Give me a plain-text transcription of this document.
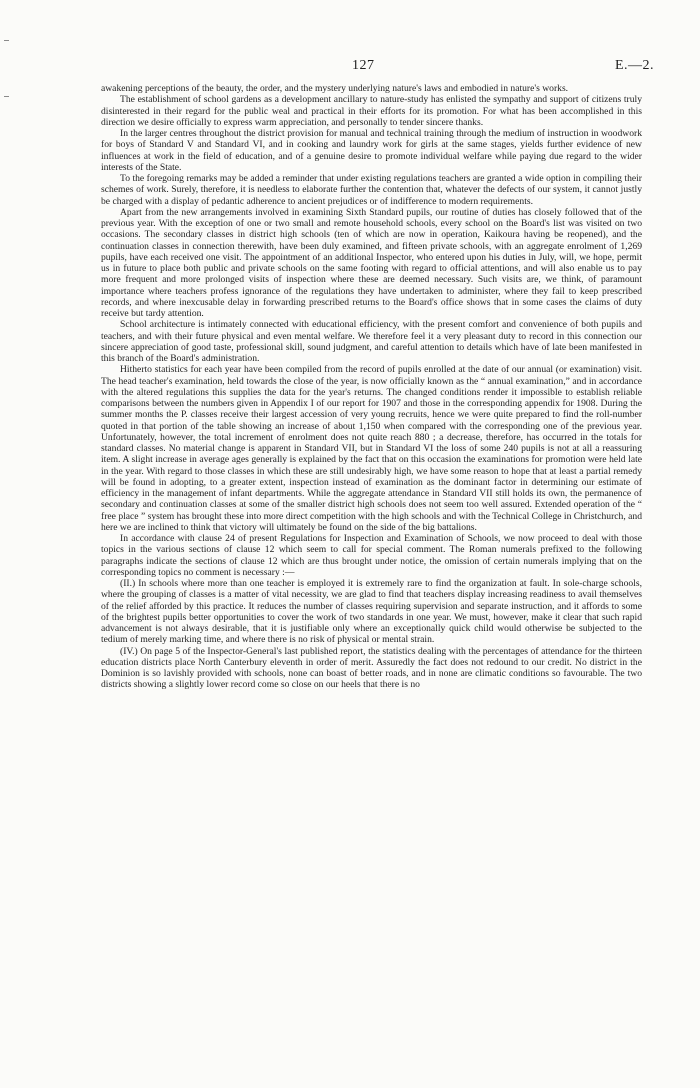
127	E.—2.

awakening perceptions of the beauty, the order, and the mystery underlying nature's laws and embodied in nature's works.

The establishment of school gardens as a development ancillary to nature-study has enlisted the sympathy and support of citizens truly disinterested in their regard for the public weal and practical in their efforts for its promotion. For what has been accomplished in this direction we desire officially to express warm appreciation, and personally to tender sincere thanks.

In the larger centres throughout the district provision for manual and technical training through the medium of instruction in woodwork for boys of Standard V and Standard VI, and in cooking and laundry work for girls at the same stages, yields further evidence of new influences at work in the field of education, and of a genuine desire to promote individual welfare while paying due regard to the wider interests of the State.

To the foregoing remarks may be added a reminder that under existing regulations teachers are granted a wide option in compiling their schemes of work. Surely, therefore, it is needless to elaborate further the contention that, whatever the defects of our system, it cannot justly be charged with a display of pedantic adherence to ancient prejudices or of indifference to modern requirements.

Apart from the new arrangements involved in examining Sixth Standard pupils, our routine of duties has closely followed that of the previous year. With the exception of one or two small and remote household schools, every school on the Board's list was visited on two occasions. The secondary classes in district high schools (ten of which are now in operation, Kaikoura having be reopened), and the continuation classes in connection therewith, have been duly examined, and fifteen private schools, with an aggregate enrolment of 1,269 pupils, have each received one visit. The appointment of an additional Inspector, who entered upon his duties in July, will, we hope, permit us in future to place both public and private schools on the same footing with regard to official attentions, and will also enable us to pay more frequent and more prolonged visits of inspection where these are deemed necessary. Such visits are, we think, of paramount importance where teachers profess ignorance of the regulations they have undertaken to administer, where they fail to keep prescribed records, and where inexcusable delay in forwarding prescribed returns to the Board's office shows that in some cases the claims of duty receive but tardy attention.

School architecture is intimately connected with educational efficiency, with the present comfort and convenience of both pupils and teachers, and with their future physical and even mental welfare. We therefore feel it a very pleasant duty to record in this connection our sincere appreciation of good taste, professional skill, sound judgment, and careful attention to details which have of late been manifested in this branch of the Board's administration.

Hitherto statistics for each year have been compiled from the record of pupils enrolled at the date of our annual (or examination) visit. The head teacher's examination, held towards the close of the year, is now officially known as the “ annual examination,” and in accordance with the altered regulations this supplies the data for the year's returns. The changed conditions render it impossible to establish reliable comparisons between the numbers given in Appendix I of our report for 1907 and those in the corresponding appendix for 1908. During the summer months the P. classes receive their largest accession of very young recruits, hence we were quite prepared to find the roll-number quoted in that portion of the table showing an increase of about 1,150 when compared with the corresponding one of the previous year. Unfortunately, however, the total increment of enrolment does not quite reach 880 ; a decrease, therefore, has occurred in the totals for standard classes. No material change is apparent in Standard VII, but in Standard VI the loss of some 240 pupils is not at all a reassuring item. A slight increase in average ages generally is explained by the fact that on this occasion the examinations for promotion were held late in the year. With regard to those classes in which these are still undesirably high, we have some reason to hope that at least a partial remedy will be found in adopting, to a greater extent, inspection instead of examination as the dominant factor in determining our estimate of efficiency in the management of infant departments. While the aggregate attendance in Standard VII still holds its own, the permanence of secondary and continuation classes at some of the smaller district high schools does not seem too well assured. Extended operation of the “ free place ” system has brought these into more direct competition with the high schools and with the Technical College in Christchurch, and here we are inclined to think that victory will ultimately be found on the side of the big battalions.

In accordance with clause 24 of present Regulations for Inspection and Examination of Schools, we now proceed to deal with those topics in the various sections of clause 12 which seem to call for special comment. The Roman numerals prefixed to the following paragraphs indicate the sections of clause 12 which are thus brought under notice, the omission of certain numerals implying that on the corresponding topics no comment is necessary :—

(II.) In schools where more than one teacher is employed it is extremely rare to find the organization at fault. In sole-charge schools, where the grouping of classes is a matter of vital necessity, we are glad to find that teachers display increasing readiness to avail themselves of the relief afforded by this practice. It reduces the number of classes requiring supervision and separate instruction, and it affords to some of the brightest pupils better opportunities to cover the work of two standards in one year. We must, however, make it clear that such rapid advancement is not always desirable, that it is justifiable only where an exceptionally quick child would otherwise be subjected to the tedium of merely marking time, and where there is no risk of physical or mental strain.

(IV.) On page 5 of the Inspector-General's last published report, the statistics dealing with the percentages of attendance for the thirteen education districts place North Canterbury eleventh in order of merit. Assuredly the fact does not redound to our credit. No district in the Dominion is so lavishly provided with schools, none can boast of better roads, and in none are climatic conditions so favourable. The two districts showing a slightly lower record come so close on our heels that there is no
